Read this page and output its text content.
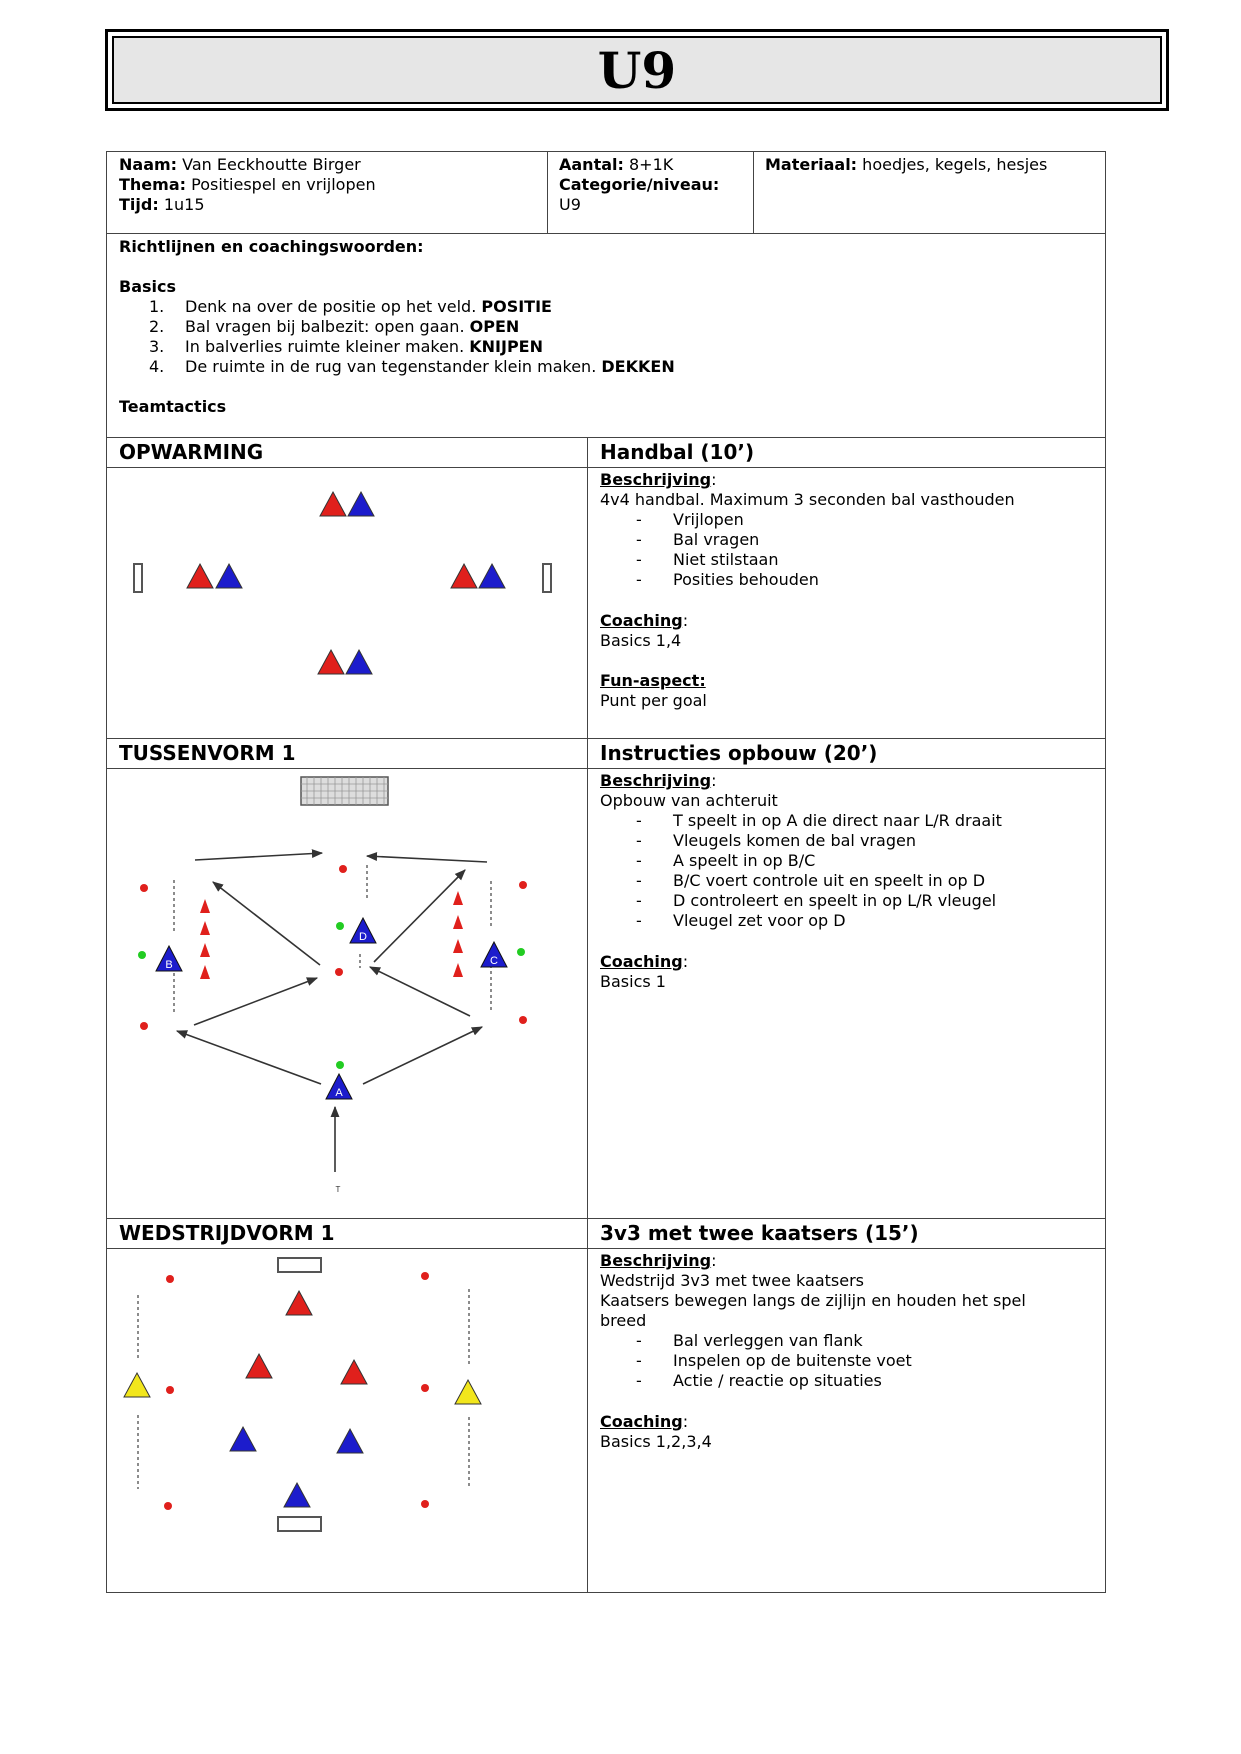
U9
Naam: Van Eeckhoutte Birger
Thema: Positiespel en vrijlopen
Tijd: 1u15
Aantal: 8+1K
Categorie/niveau:
U9
Materiaal: hoedjes, kegels, hesjes
Richtlijnen en coachingswoorden:
Basics
1. Denk na over de positie op het veld. POSITIE
2. Bal vragen bij balbezit: open gaan. OPEN
3. In balverlies ruimte kleiner maken. KNIJPEN
4. De ruimte in de rug van tegenstander klein maken. DEKKEN
Teamtactics
OPWARMING	Handbal (10’)
Beschrijving:
4v4 handbal. Maximum 3 seconden bal vasthouden
- Vrijlopen
- Bal vragen
- Niet stilstaan
- Posities behouden
Coaching:
Basics 1,4
Fun-aspect:
Punt per goal
TUSSENVORM 1	Instructies opbouw (20’)
D
B	C
A
T
Beschrijving:
Opbouw van achteruit
- T speelt in op A die direct naar L/R draait
- Vleugels komen de bal vragen
- A speelt in op B/C
- B/C voert controle uit en speelt in op D
- D controleert en speelt in op L/R vleugel
- Vleugel zet voor op D
Coaching:
Basics 1
WEDSTRIJDVORM 1	3v3 met twee kaatsers (15’)
Beschrijving:
Wedstrijd 3v3 met twee kaatsers
Kaatsers bewegen langs de zijlijn en houden het spel
breed
- Bal verleggen van flank
- Inspelen op de buitenste voet
- Actie / reactie op situaties
Coaching:
Basics 1,2,3,4
